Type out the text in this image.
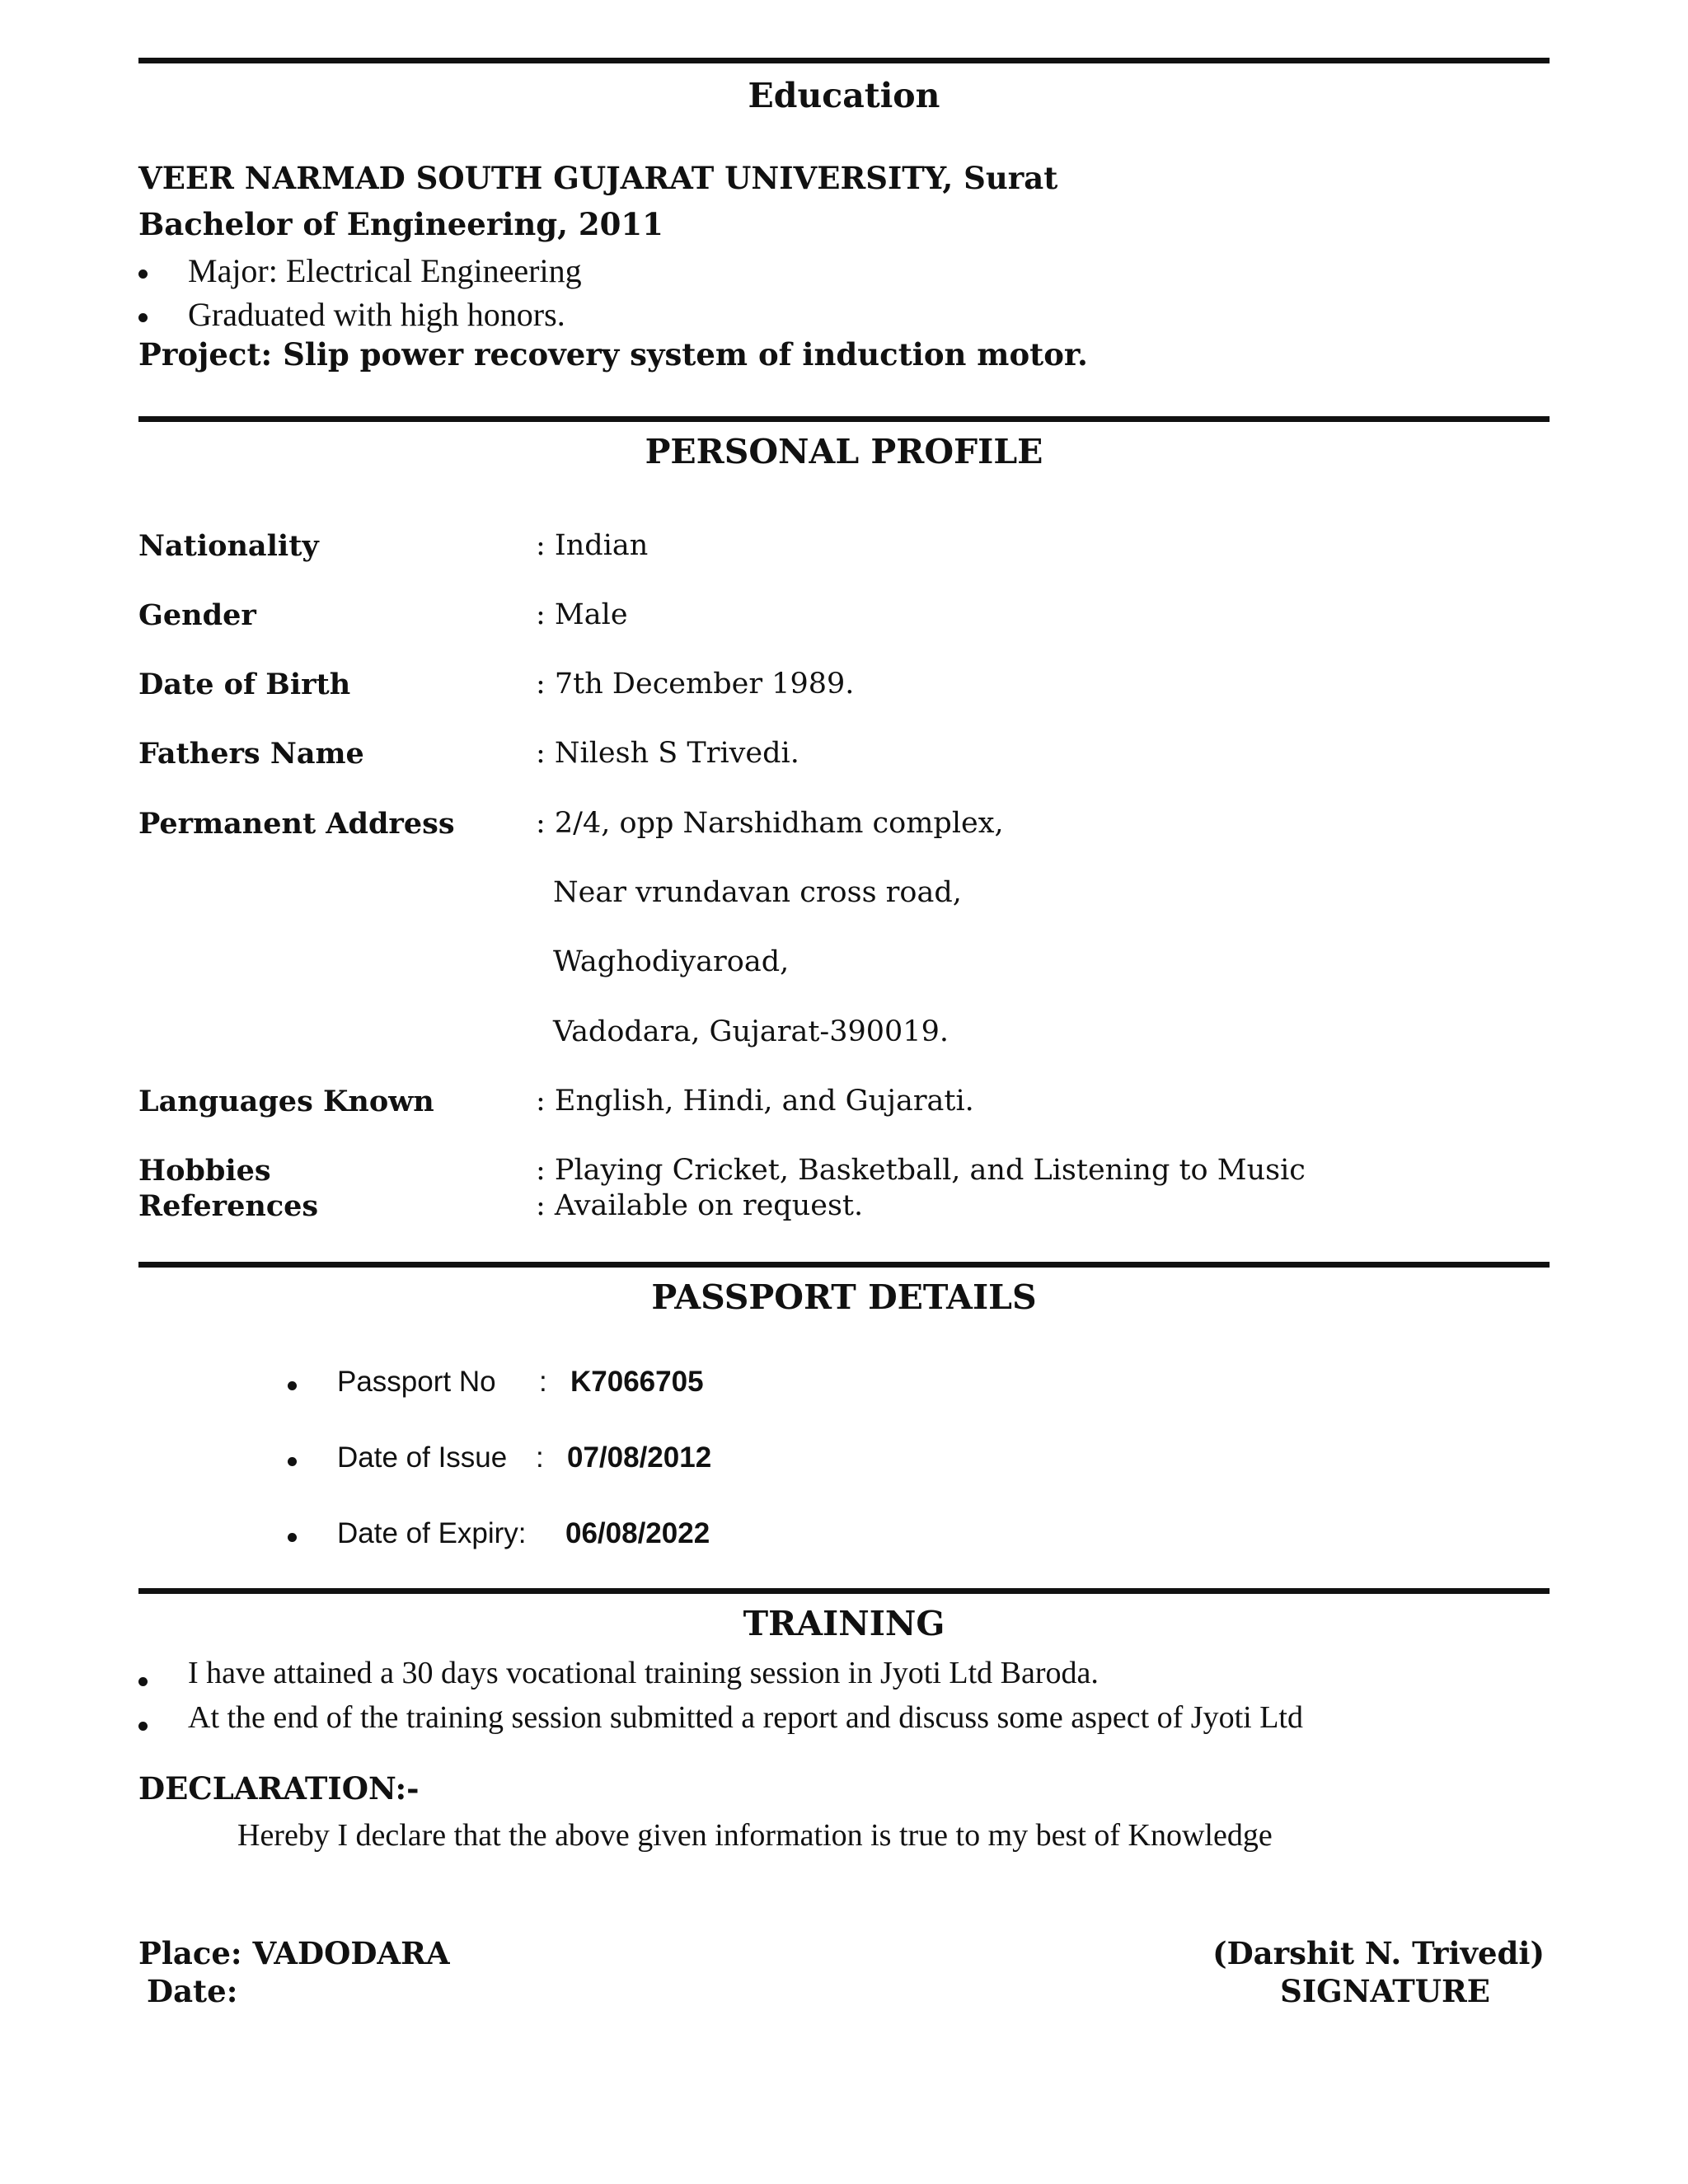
Education
VEER NARMAD SOUTH GUJARAT UNIVERSITY, Surat
Bachelor of Engineering, 2011
Major: Electrical Engineering
Graduated with high honors.
Project: Slip power recovery system of induction motor.
PERSONAL PROFILE
Nationality	: Indian
Gender	: Male
Date of Birth	: 7th December 1989.
Fathers Name	: Nilesh S Trivedi.
Permanent Address	: 2/4, opp Narshidham complex,
Near vrundavan cross road,
Waghodiyaroad,
Vadodara, Gujarat-390019.
Languages Known	: English, Hindi, and Gujarati.
Hobbies	: Playing Cricket, Basketball, and Listening to Music
References	: Available on request.
PASSPORT DETAILS
Passport No : K7066705
Date of Issue : 07/08/2012
Date of Expiry: 06/08/2022
TRAINING
I have attained a 30 days vocational training session in Jyoti Ltd Baroda.
At the end of the training session submitted a report and discuss some aspect of Jyoti Ltd
DECLARATION:-
Hereby I declare that the above given information is true to my best of Knowledge
Place: VADODARA
Date:
(Darshit N. Trivedi)
SIGNATURE
